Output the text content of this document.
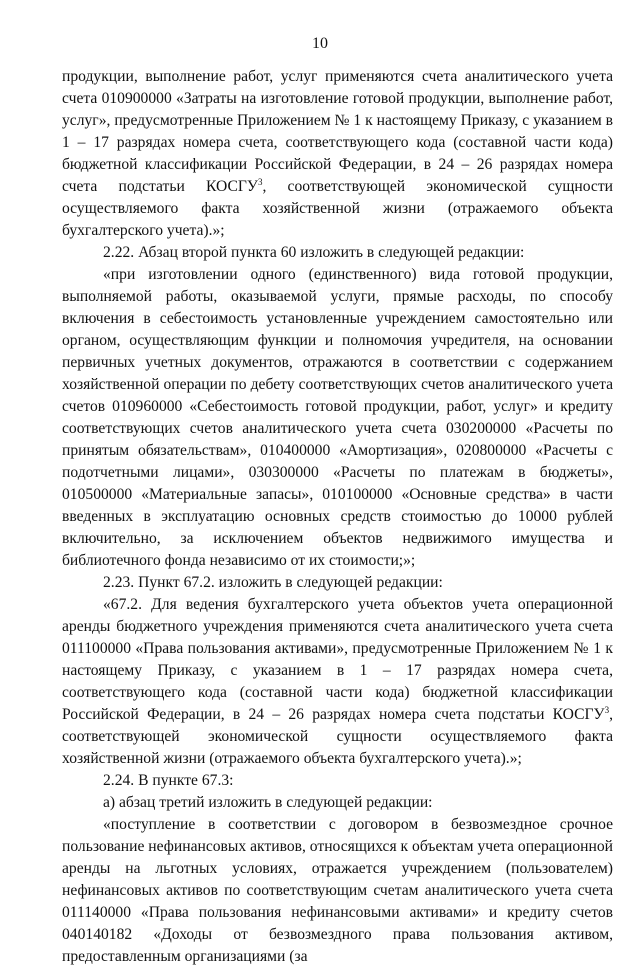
10

продукции, выполнение работ, услуг применяются счета аналитического учета счета 010900000 «Затраты на изготовление готовой продукции, выполнение работ, услуг», предусмотренные Приложением № 1 к настоящему Приказу, с указанием в 1 – 17 разрядах номера счета, соответствующего кода (составной части кода) бюджетной классификации Российской Федерации, в 24 – 26 разрядах номера счета подстатьи КОСГУ$^3$, соответствующей экономической сущности осуществляемого факта хозяйственной жизни (отражаемого объекта бухгалтерского учета).»;

2.22. Абзац второй пункта 60 изложить в следующей редакции:

«при изготовлении одного (единственного) вида готовой продукции, выполняемой работы, оказываемой услуги, прямые расходы, по способу включения в себестоимость установленные учреждением самостоятельно или органом, осуществляющим функции и полномочия учредителя, на основании первичных учетных документов, отражаются в соответствии с содержанием хозяйственной операции по дебету соответствующих счетов аналитического учета счетов 010960000 «Себестоимость готовой продукции, работ, услуг» и кредиту соответствующих счетов аналитического учета счета 030200000 «Расчеты по принятым обязательствам», 010400000 «Амортизация», 020800000 «Расчеты с подотчетными лицами», 030300000 «Расчеты по платежам в бюджеты», 010500000 «Материальные запасы», 010100000 «Основные средства» в части введенных в эксплуатацию основных средств стоимостью до 10000 рублей включительно, за исключением объектов недвижимого имущества и библиотечного фонда независимо от их стоимости;»;

2.23. Пункт 67.2. изложить в следующей редакции:

«67.2. Для ведения бухгалтерского учета объектов учета операционной аренды бюджетного учреждения применяются счета аналитического учета счета 011100000 «Права пользования активами», предусмотренные Приложением № 1 к настоящему Приказу, с указанием в 1 – 17 разрядах номера счета, соответствующего кода (составной части кода) бюджетной классификации Российской Федерации, в 24 – 26 разрядах номера счета подстатьи КОСГУ$^3$, соответствующей экономической сущности осуществляемого факта хозяйственной жизни (отражаемого объекта бухгалтерского учета).»;

2.24. В пункте 67.3:

а) абзац третий изложить в следующей редакции:

«поступление в соответствии с договором в безвозмездное срочное пользование нефинансовых активов, относящихся к объектам учета операционной аренды на льготных условиях, отражается учреждением (пользователем) нефинансовых активов по соответствующим счетам аналитического учета счета 011140000 «Права пользования нефинансовыми активами» и кредиту счетов 040140182 «Доходы от безвозмездного права пользования активом, предоставленным организациями (за
